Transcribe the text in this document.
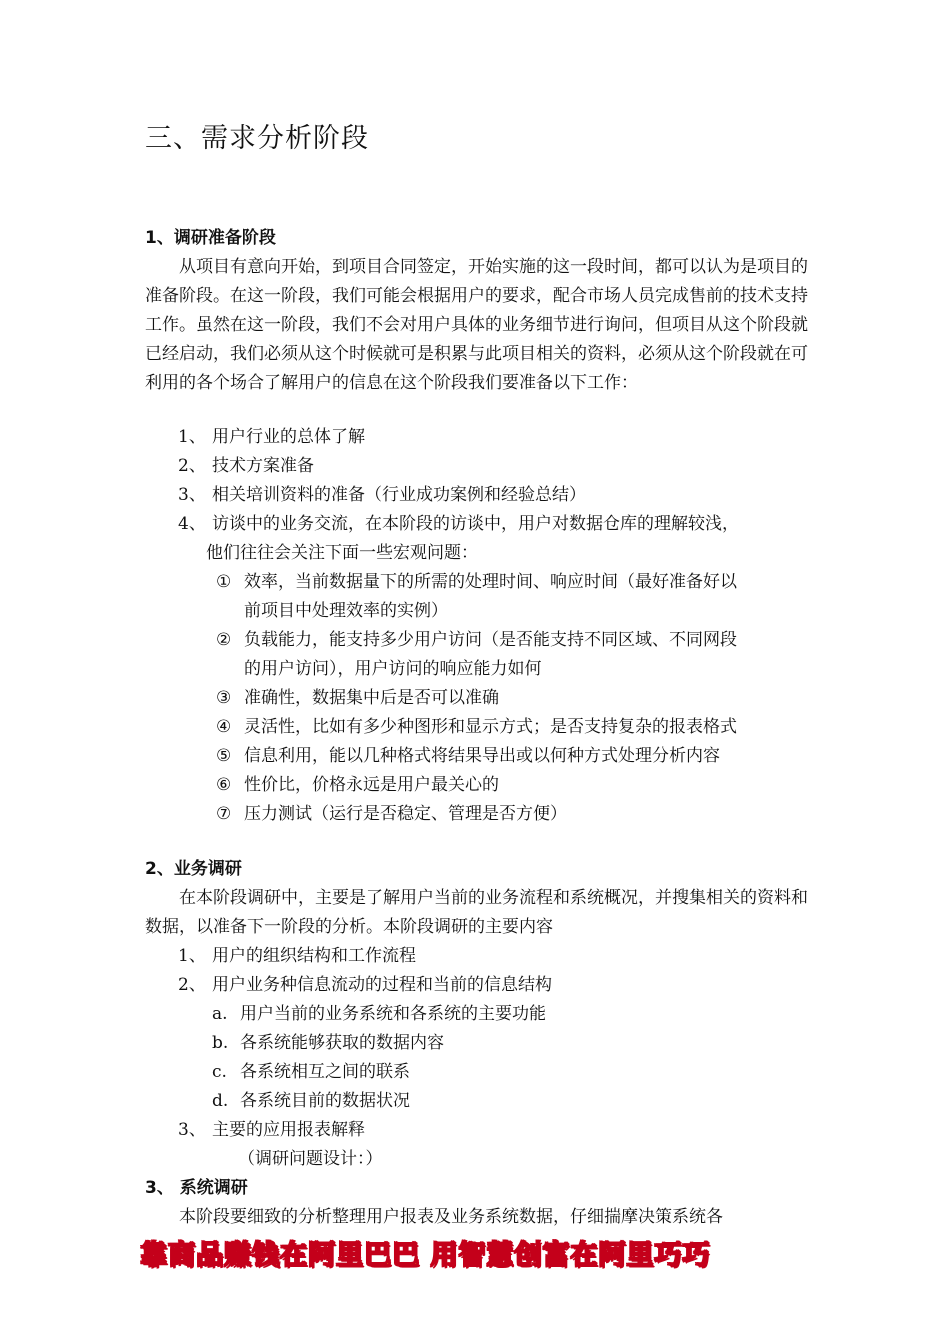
三、需求分析阶段
1、调研准备阶段
从项目有意向开始，到项目合同签定，开始实施的这一段时间，都可以认为是项目的准备阶段。在这一阶段，我们可能会根据用户的要求，配合市场人员完成售前的技术支持工作。虽然在这一阶段，我们不会对用户具体的业务细节进行询问，但项目从这个阶段就已经启动，我们必须从这个时候就可是积累与此项目相关的资料，必须从这个阶段就在可利用的各个场合了解用户的信息在这个阶段我们要准备以下工作：
1、 用户行业的总体了解
2、 技术方案准备
3、 相关培训资料的准备（行业成功案例和经验总结）
4、 访谈中的业务交流，在本阶段的访谈中，用户对数据仓库的理解较浅，
他们往往会关注下面一些宏观问题：
① 效率，当前数据量下的所需的处理时间、响应时间（最好准备好以
前项目中处理效率的实例）
② 负载能力，能支持多少用户访问（是否能支持不同区域、不同网段
的用户访问），用户访问的响应能力如何
③ 准确性，数据集中后是否可以准确
④ 灵活性，比如有多少种图形和显示方式；是否支持复杂的报表格式
⑤ 信息利用，能以几种格式将结果导出或以何种方式处理分析内容
⑥ 性价比，价格永远是用户最关心的
⑦ 压力测试（运行是否稳定、管理是否方便）
2、业务调研
在本阶段调研中，主要是了解用户当前的业务流程和系统概况，并搜集相关的资料和数据，以准备下一阶段的分析。本阶段调研的主要内容
1、 用户的组织结构和工作流程
2、 用户业务种信息流动的过程和当前的信息结构
a. 用户当前的业务系统和各系统的主要功能
b. 各系统能够获取的数据内容
c. 各系统相互之间的联系
d. 各系统目前的数据状况
3、 主要的应用报表解释
（调研问题设计：）
3、 系统调研
本阶段要细致的分析整理用户报表及业务系统数据，仔细揣摩决策系统各
靠商品赚钱在阿里巴巴 用智慧创富在阿里巧巧
